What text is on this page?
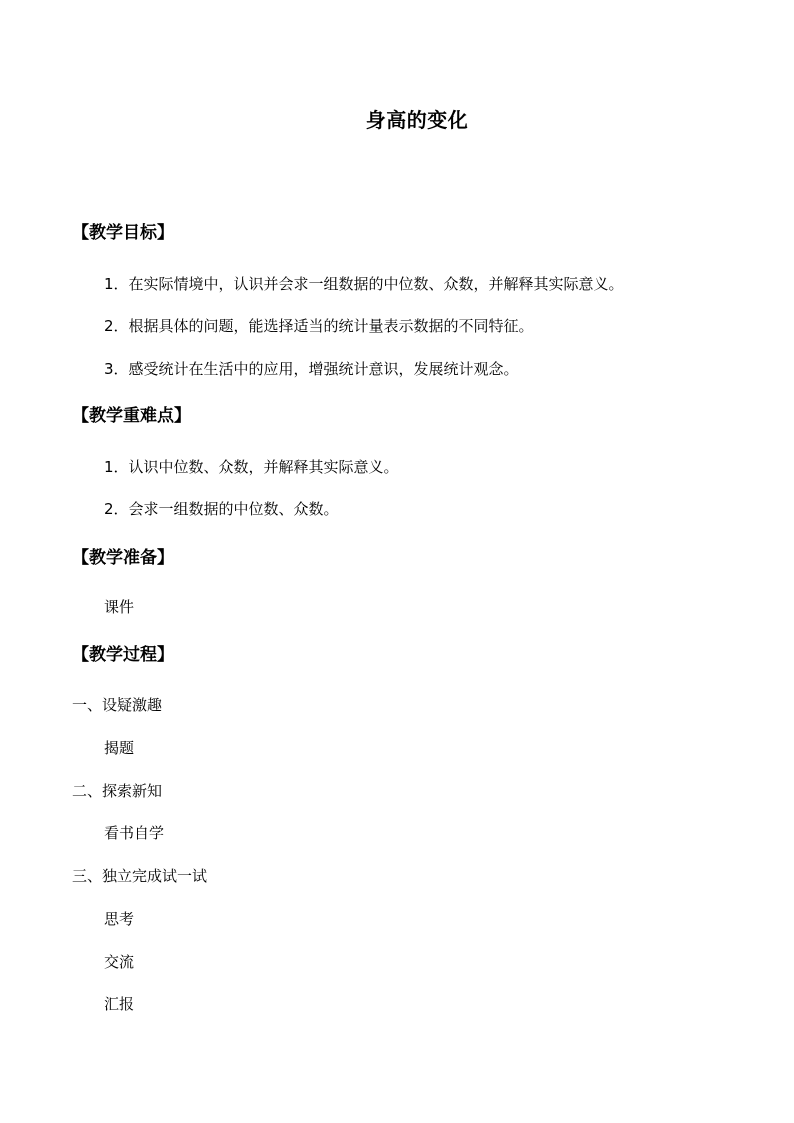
身高的变化
【教学目标】
1．在实际情境中，认识并会求一组数据的中位数、众数，并解释其实际意义。
2．根据具体的问题，能选择适当的统计量表示数据的不同特征。
3．感受统计在生活中的应用，增强统计意识，发展统计观念。
【教学重难点】
1．认识中位数、众数，并解释其实际意义。
2．会求一组数据的中位数、众数。
【教学准备】
课件
【教学过程】
一、设疑激趣
揭题
二、探索新知
看书自学
三、独立完成试一试
思考
交流
汇报
